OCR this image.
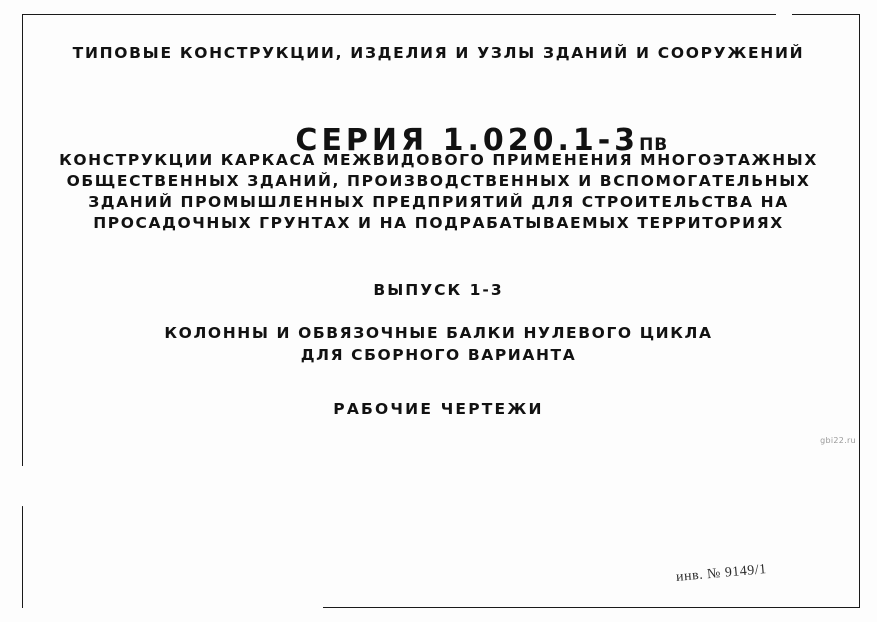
ТИПОВЫЕ КОНСТРУКЦИИ, ИЗДЕЛИЯ И УЗЛЫ ЗДАНИЙ И СООРУЖЕНИЙ

СЕРИЯ 1.020.1-3ПВ

КОНСТРУКЦИИ КАРКАСА МЕЖВИДОВОГО ПРИМЕНЕНИЯ МНОГОЭТАЖНЫХ
ОБЩЕСТВЕННЫХ ЗДАНИЙ, ПРОИЗВОДСТВЕННЫХ И ВСПОМОГАТЕЛЬНЫХ
ЗДАНИЙ ПРОМЫШЛЕННЫХ ПРЕДПРИЯТИЙ ДЛЯ СТРОИТЕЛЬСТВА НА
ПРОСАДОЧНЫХ ГРУНТАХ И НА ПОДРАБАТЫВАЕМЫХ ТЕРРИТОРИЯХ
ВЫПУСК 1-3
КОЛОННЫ И ОБВЯЗОЧНЫЕ БАЛКИ НУЛЕВОГО ЦИКЛА
ДЛЯ СБОРНОГО ВАРИАНТА
РАБОЧИЕ ЧЕРТЕЖИ
gbi22.ru
инв. № 9149/1
